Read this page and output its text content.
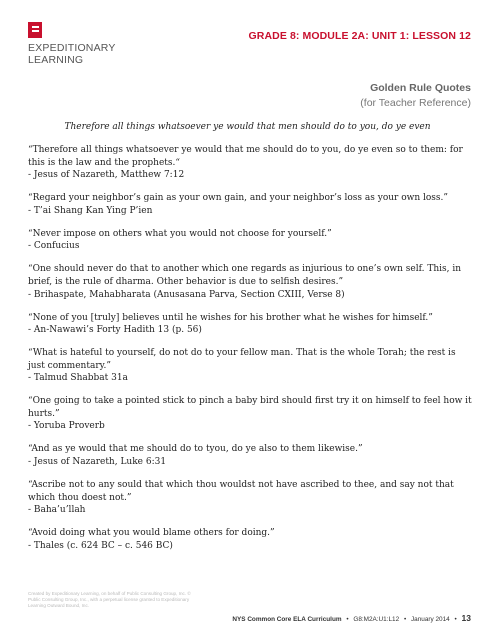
EXPEDITIONARY
LEARNING
GRADE 8: MODULE 2A: UNIT 1: LESSON 12
Golden Rule Quotes
(for Teacher Reference)
Therefore all things whatsoever ye would that men should do to you, do ye even
“Therefore all things whatsoever ye would that me should do to you, do ye even so to them: for this is the law and the prophets.“
- Jesus of Nazareth, Matthew 7:12
“Regard your neighbor’s gain as your own gain, and your neighbor’s loss as your own loss.”
- T’ai Shang Kan Ying P’ien
“Never impose on others what you would not choose for yourself.”
- Confucius
“One should never do that to another which one regards as injurious to one’s own self. This, in brief, is the rule of dharma. Other behavior is due to selfish desires.”
- Brihaspate, Mahabharata (Anusasana Parva, Section CXIII, Verse 8)
“None of you [truly] believes until he wishes for his brother what he wishes for himself.”
- An-Nawawi’s Forty Hadith 13 (p. 56)
“What is hateful to yourself, do not do to your fellow man. That is the whole Torah; the rest is just commentary.”
- Talmud Shabbat 31a
“One going to take a pointed stick to pinch a baby bird should first try it on himself to feel how it hurts.”
- Yoruba Proverb
“And as ye would that me should do to tyou, do ye also to them likewise.”
- Jesus of Nazareth, Luke 6:31
“Ascribe not to any sould that which thou wouldst not have ascribed to thee, and say not that which thou doest not.”
- Baha’u’llah
“Avoid doing what you would blame others for doing.”
- Thales (c. 624 BC – c. 546 BC)
Created by Expeditionary Learning, on behalf of Public Consulting Group, Inc. © Public Consulting Group, Inc., with a perpetual license granted to Expeditionary Learning Outward Bound, Inc.
NYS Common Core ELA Curriculum • G8:M2A:U1:L12 • January 2014 • 13
